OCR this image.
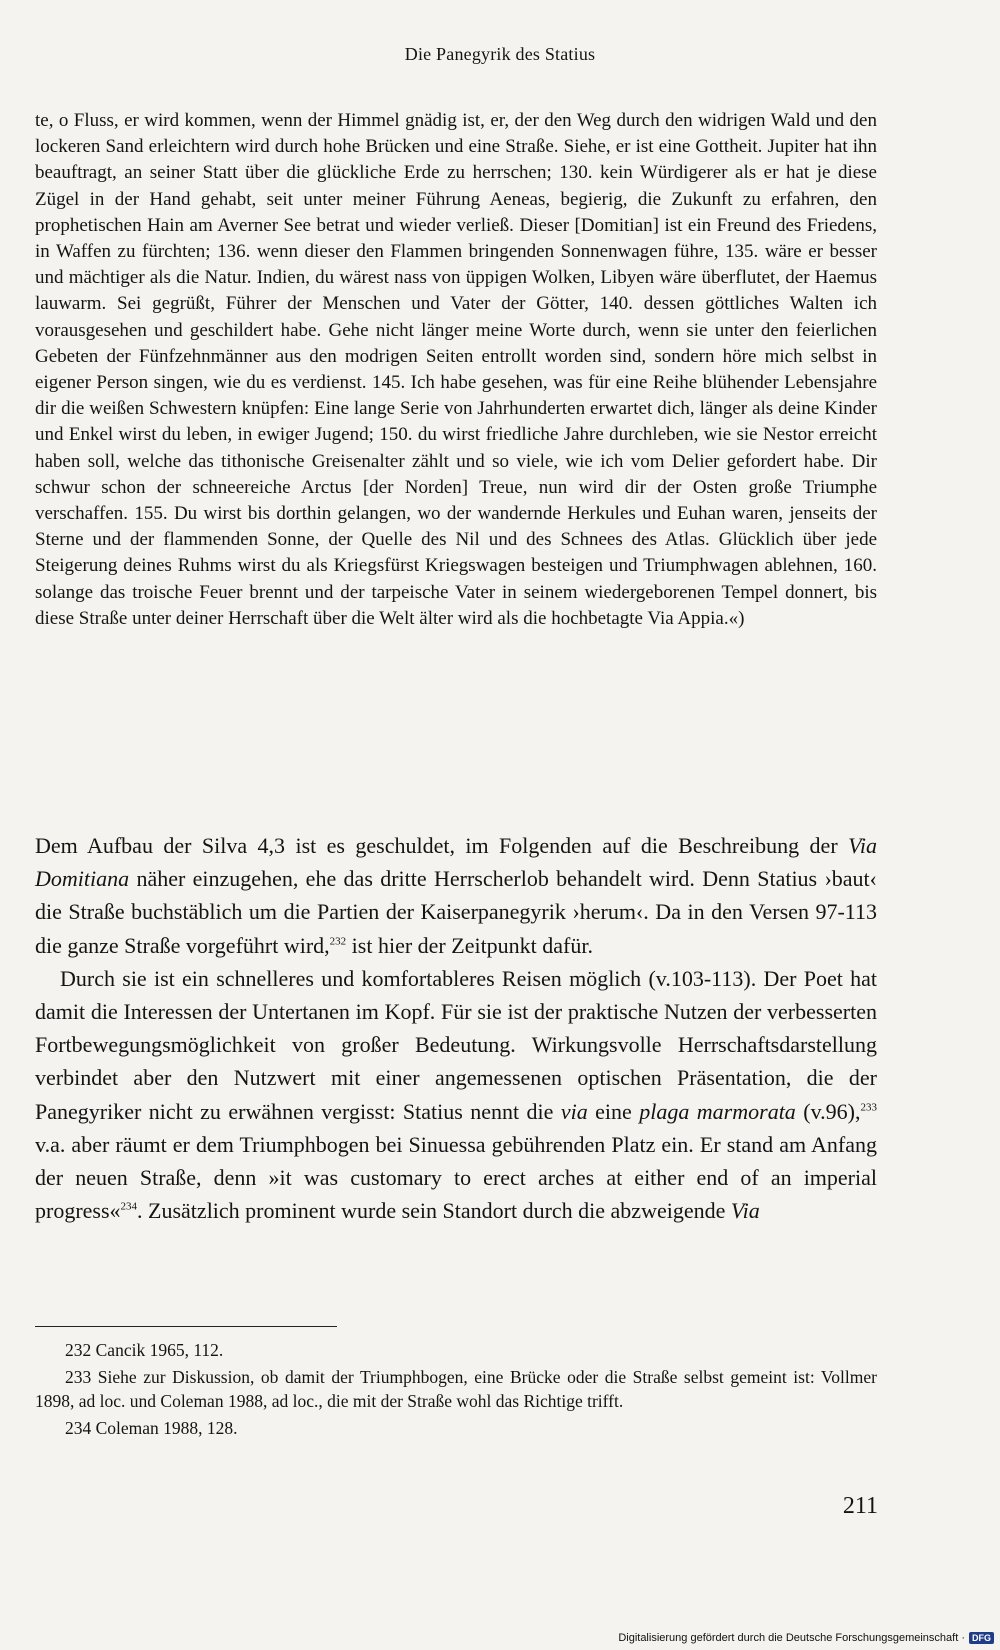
Die Panegyrik des Statius
te, o Fluss, er wird kommen, wenn der Himmel gnädig ist, er, der den Weg durch den widrigen Wald und den lockeren Sand erleichtern wird durch hohe Brücken und eine Straße. Siehe, er ist eine Gottheit. Jupiter hat ihn beauftragt, an seiner Statt über die glückliche Erde zu herrschen; 130. kein Würdigerer als er hat je diese Zügel in der Hand gehabt, seit unter meiner Führung Aeneas, begierig, die Zukunft zu erfahren, den prophetischen Hain am Averner See betrat und wieder verließ. Dieser [Domitian] ist ein Freund des Friedens, in Waffen zu fürchten; 136. wenn dieser den Flammen bringenden Sonnenwagen führe, 135. wäre er besser und mächtiger als die Natur. Indien, du wärest nass von üppigen Wolken, Libyen wäre überflutet, der Haemus lauwarm. Sei gegrüßt, Führer der Menschen und Vater der Götter, 140. dessen göttliches Walten ich vorausgesehen und geschildert habe. Gehe nicht länger meine Worte durch, wenn sie unter den feierlichen Gebeten der Fünfzehnmänner aus den modrigen Seiten entrollt worden sind, sondern höre mich selbst in eigener Person singen, wie du es verdienst. 145. Ich habe gesehen, was für eine Reihe blühender Lebensjahre dir die weißen Schwestern knüpfen: Eine lange Serie von Jahrhunderten erwartet dich, länger als deine Kinder und Enkel wirst du leben, in ewiger Jugend; 150. du wirst friedliche Jahre durchleben, wie sie Nestor erreicht haben soll, welche das tithonische Greisenalter zählt und so viele, wie ich vom Delier gefordert habe. Dir schwur schon der schneereiche Arctus [der Norden] Treue, nun wird dir der Osten große Triumphe verschaffen. 155. Du wirst bis dorthin gelangen, wo der wandernde Herkules und Euhan waren, jenseits der Sterne und der flammenden Sonne, der Quelle des Nil und des Schnees des Atlas. Glücklich über jede Steigerung deines Ruhms wirst du als Kriegsfürst Kriegswagen besteigen und Triumphwagen ablehnen, 160. solange das troische Feuer brennt und der tarpeische Vater in seinem wiedergeborenen Tempel donnert, bis diese Straße unter deiner Herrschaft über die Welt älter wird als die hochbetagte Via Appia.«)

Dem Aufbau der Silva 4,3 ist es geschuldet, im Folgenden auf die Beschreibung der Via Domitiana näher einzugehen, ehe das dritte Herrscherlob behandelt wird. Denn Statius ›baut‹ die Straße buchstäblich um die Partien der Kaiserpanegyrik ›herum‹. Da in den Versen 97-113 die ganze Straße vorgeführt wird,$^{232}$ ist hier der Zeitpunkt dafür.

Durch sie ist ein schnelleres und komfortableres Reisen möglich (v.103-113). Der Poet hat damit die Interessen der Untertanen im Kopf. Für sie ist der praktische Nutzen der verbesserten Fortbewegungsmöglichkeit von großer Bedeutung. Wirkungsvolle Herrschaftsdarstellung verbindet aber den Nutzwert mit einer angemessenen optischen Präsentation, die der Panegyriker nicht zu erwähnen vergisst: Statius nennt die via eine plaga marmorata (v.96),$^{233}$ v.a. aber räumt er dem Triumphbogen bei Sinuessa gebührenden Platz ein. Er stand am Anfang der neuen Straße, denn »it was customary to erect arches at either end of an imperial progress«$^{234}$. Zusätzlich prominent wurde sein Standort durch die abzweigende Via

232 Cancik 1965, 112.

233 Siehe zur Diskussion, ob damit der Triumphbogen, eine Brücke oder die Straße selbst gemeint ist: Vollmer 1898, ad loc. und Coleman 1988, ad loc., die mit der Straße wohl das Richtige trifft.

234 Coleman 1988, 128.

211
Digitalisierung gefördert durch die Deutsche Forschungsgemeinschaft · DFG
